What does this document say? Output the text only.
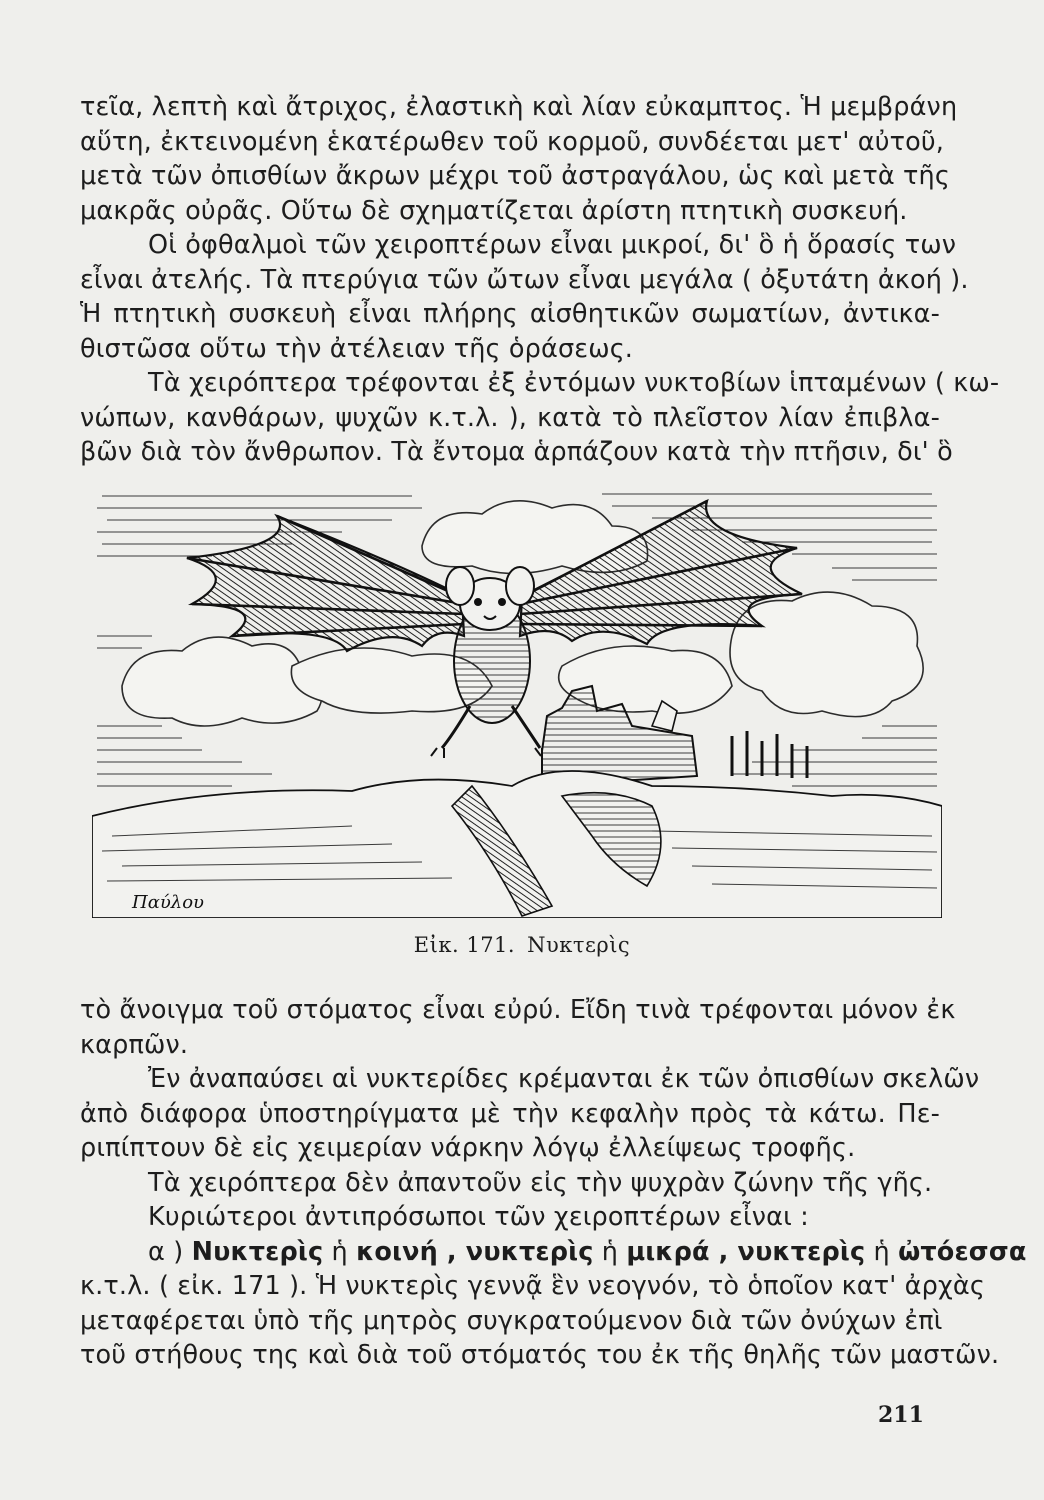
τεῖα, λεπτὴ καὶ ἄτριχος, ἐλαστικὴ καὶ λίαν εὐκαμπτος. Ἡ μεμβράνη

αὕτη, ἐκτεινομένη ἑκατέρωθεν τοῦ κορμοῦ, συνδέεται μετ' αὐτοῦ,

μετὰ τῶν ὀπισθίων ἄκρων μέχρι τοῦ ἀστραγάλου, ὡς καὶ μετὰ τῆς

μακρᾶς οὐρᾶς. Οὕτω δὲ σχηματίζεται ἀρίστη πτητικὴ συσκευή.

Οἱ ὀφθαλμοὶ τῶν χειροπτέρων εἶναι μικροί, δι' ὃ ἡ ὅρασίς των

εἶναι ἀτελής. Τὰ πτερύγια τῶν ὤτων εἶναι μεγάλα ( ὀξυτάτη ἀκοή ).

Ἡ πτητικὴ συσκευὴ εἶναι πλήρης αἰσθητικῶν σωματίων, ἀντικα-

θιστῶσα οὕτω τὴν ἀτέλειαν τῆς ὁράσεως.

Τὰ χειρόπτερα τρέφονται ἐξ ἐντόμων νυκτοβίων ἱπταμένων ( κω-

νώπων, κανθάρων, ψυχῶν κ.τ.λ. ), κατὰ τὸ πλεῖστον λίαν ἐπιβλα-

βῶν διὰ τὸν ἄνθρωπον. Τὰ ἔντομα ἁρπάζουν κατὰ τὴν πτῆσιν, δι' ὃ

Παύλου
Εἰκ. 171. Νυκτερὶς

τὸ ἄνοιγμα τοῦ στόματος εἶναι εὐρύ. Εἴδη τινὰ τρέφονται μόνον ἐκ

καρπῶν.

Ἐν ἀναπαύσει αἱ νυκτερίδες κρέμανται ἐκ τῶν ὀπισθίων σκελῶν

ἀπὸ διάφορα ὑποστηρίγματα μὲ τὴν κεφαλὴν πρὸς τὰ κάτω. Πε-

ριπίπτουν δὲ εἰς χειμερίαν νάρκην λόγῳ ἐλλείψεως τροφῆς.

Τὰ χειρόπτερα δὲν ἀπαντοῦν εἰς τὴν ψυχρὰν ζώνην τῆς γῆς.

Κυριώτεροι ἀντιπρόσωποι τῶν χειροπτέρων εἶναι :

α ) Νυκτερὶς ἡ κοινή , νυκτερὶς ἡ μικρά , νυκτερὶς ἡ ὠτόεσσα

κ.τ.λ. ( εἰκ. 171 ). Ἡ νυκτερὶς γεννᾷ ἓν νεογνόν, τὸ ὁποῖον κατ' ἀρχὰς

μεταφέρεται ὑπὸ τῆς μητρὸς συγκρατούμενον διὰ τῶν ὀνύχων ἐπὶ

τοῦ στήθους της καὶ διὰ τοῦ στόματός του ἐκ τῆς θηλῆς τῶν μαστῶν.

211
